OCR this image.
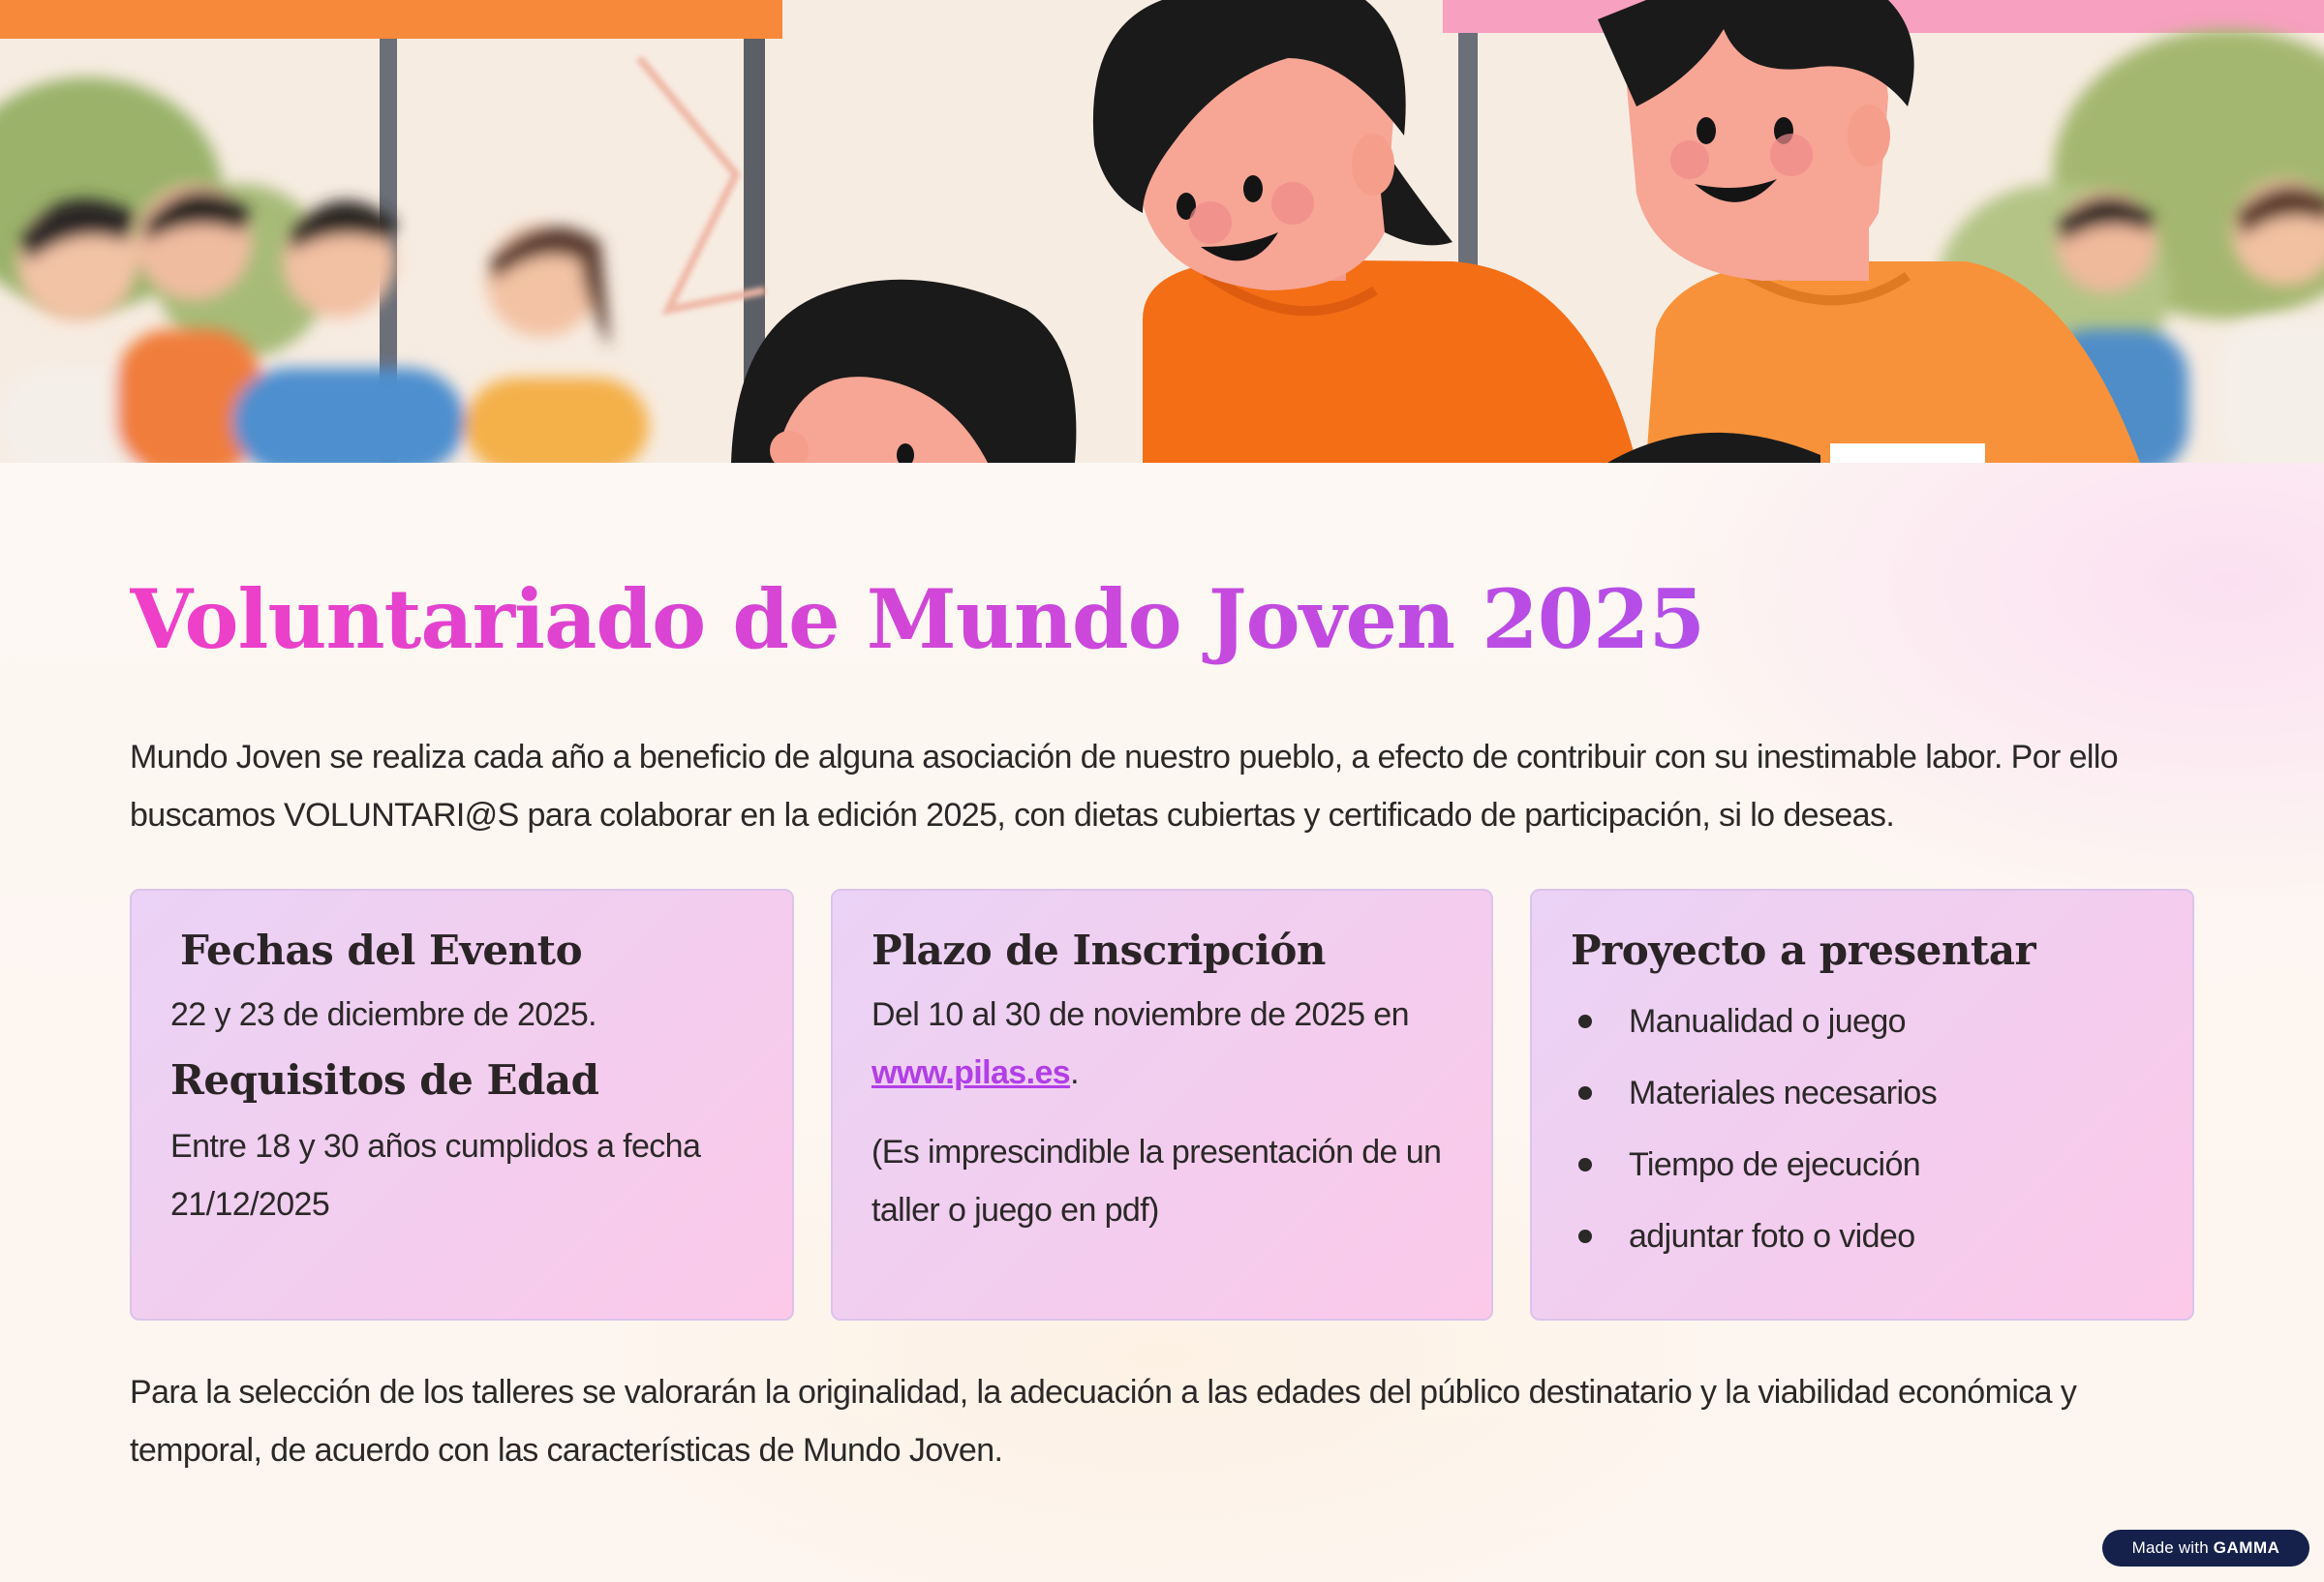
Voluntariado de Mundo Joven 2025

Mundo Joven se realiza cada año a beneficio de alguna asociación de nuestro pueblo, a efecto de contribuir con su inestimable labor. Por ello buscamos VOLUNTARI@S para colaborar en la edición 2025, con dietas cubiertas y certificado de participación, si lo deseas.

Fechas del Evento

22 y 23 de diciembre de 2025.

Requisitos de Edad

Entre 18 y 30 años cumplidos a fecha 21/12/2025

Plazo de Inscripción

Del 10 al 30 de noviembre de 2025 en www.pilas.es.

(Es imprescindible la presentación de un taller o juego en pdf)

Proyecto a presentar
Manualidad o juego
Materiales necesarios
Tiempo de ejecución
adjuntar foto o video

Para la selección de los talleres se valorarán la originalidad, la adecuación a las edades del público destinatario y la viabilidad económica y temporal, de acuerdo con las características de Mundo Joven.

Made with GAMMA
